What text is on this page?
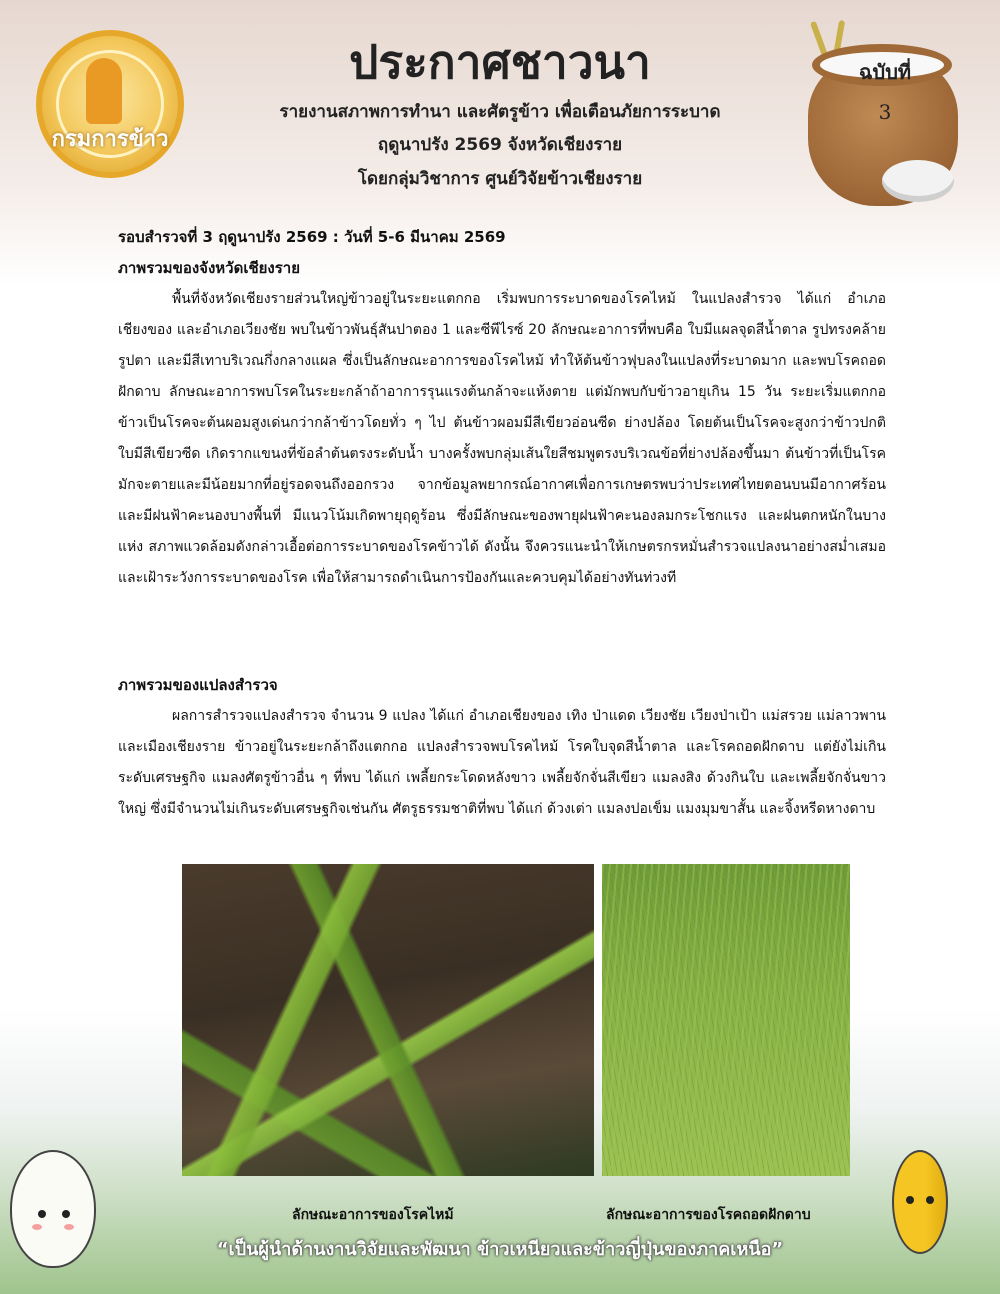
กรมการข้าว
ประกาศชาวนา
รายงานสภาพการทำนา และศัตรูข้าว เพื่อเตือนภัยการระบาด
ฤดูนาปรัง 2569 จังหวัดเชียงราย
โดยกลุ่มวิชาการ ศูนย์วิจัยข้าวเชียงราย
ฉบับที่
3
รอบสำรวจที่ 3 ฤดูนาปรัง 2569 : วันที่ 5-6 มีนาคม 2569
ภาพรวมของจังหวัดเชียงราย

พื้นที่จังหวัดเชียงรายส่วนใหญ่ข้าวอยู่ในระยะแตกกอ เริ่มพบการระบาดของโรคไหม้ ในแปลงสำรวจ ได้แก่ อำเภอเชียงของ และอำเภอเวียงชัย พบในข้าวพันธุ์สันปาตอง 1 และซีพีไรซ์ 20 ลักษณะอาการที่พบคือ ใบมีแผลจุดสีน้ำตาล รูปทรงคล้ายรูปตา และมีสีเทาบริเวณกึ่งกลางแผล ซึ่งเป็นลักษณะอาการของโรคไหม้ ทำให้ต้นข้าวฟุบลงในแปลงที่ระบาดมาก และพบโรคถอดฝักดาบ ลักษณะอาการพบโรคในระยะกล้าถ้าอาการรุนแรงต้นกล้าจะแห้งตาย แต่มักพบกับข้าวอายุเกิน 15 วัน ระยะเริ่มแตกกอ ข้าวเป็นโรคจะต้นผอมสูงเด่นกว่ากล้าข้าวโดยทั่ว ๆ ไป ต้นข้าวผอมมีสีเขียวอ่อนซีด ย่างปล้อง โดยต้นเป็นโรคจะสูงกว่าข้าวปกติ ใบมีสีเขียวซีด เกิดรากแขนงที่ข้อลำต้นตรงระดับน้ำ บางครั้งพบกลุ่มเส้นใยสีชมพูตรงบริเวณข้อที่ย่างปล้องขึ้นมา ต้นข้าวที่เป็นโรคมักจะตายและมีน้อยมากที่อยู่รอดจนถึงออกรวง จากข้อมูลพยากรณ์อากาศเพื่อการเกษตรพบว่าประเทศไทยตอนบนมีอากาศร้อนและมีฝนฟ้าคะนองบางพื้นที่ มีแนวโน้มเกิดพายุฤดูร้อน ซึ่งมีลักษณะของพายุฝนฟ้าคะนองลมกระโชกแรง และฝนตกหนักในบางแห่ง สภาพแวดล้อมดังกล่าวเอื้อต่อการระบาดของโรคข้าวได้ ดังนั้น จึงควรแนะนำให้เกษตรกรหมั่นสำรวจแปลงนาอย่างสม่ำเสมอ และเฝ้าระวังการระบาดของโรค เพื่อให้สามารถดำเนินการป้องกันและควบคุมได้อย่างทันท่วงที

ภาพรวมของแปลงสำรวจ

ผลการสำรวจแปลงสำรวจ จำนวน 9 แปลง ได้แก่ อำเภอเชียงของ เทิง ป่าแดด เวียงชัย เวียงป่าเป้า แม่สรวย แม่ลาวพาน และเมืองเชียงราย ข้าวอยู่ในระยะกล้าถึงแตกกอ แปลงสำรวจพบโรคไหม้ โรคใบจุดสีน้ำตาล และโรคถอดฝักดาบ แต่ยังไม่เกินระดับเศรษฐกิจ แมลงศัตรูข้าวอื่น ๆ ที่พบ ได้แก่ เพลี้ยกระโดดหลังขาว เพลี้ยจักจั่นสีเขียว แมลงสิง ด้วงกินใบ และเพลี้ยจักจั่นขาวใหญ่ ซึ่งมีจำนวนไม่เกินระดับเศรษฐกิจเช่นกัน ศัตรูธรรมชาติที่พบ ได้แก่ ด้วงเต่า แมลงปอเข็ม แมงมุมขาสั้น และจิ้งหรีดหางดาบ

ลักษณะอาการของโรคไหม้	ลักษณะอาการของโรคถอดฝักดาบ
“เป็นผู้นำด้านงานวิจัยและพัฒนา ข้าวเหนียวและข้าวญี่ปุ่นของภาคเหนือ”
